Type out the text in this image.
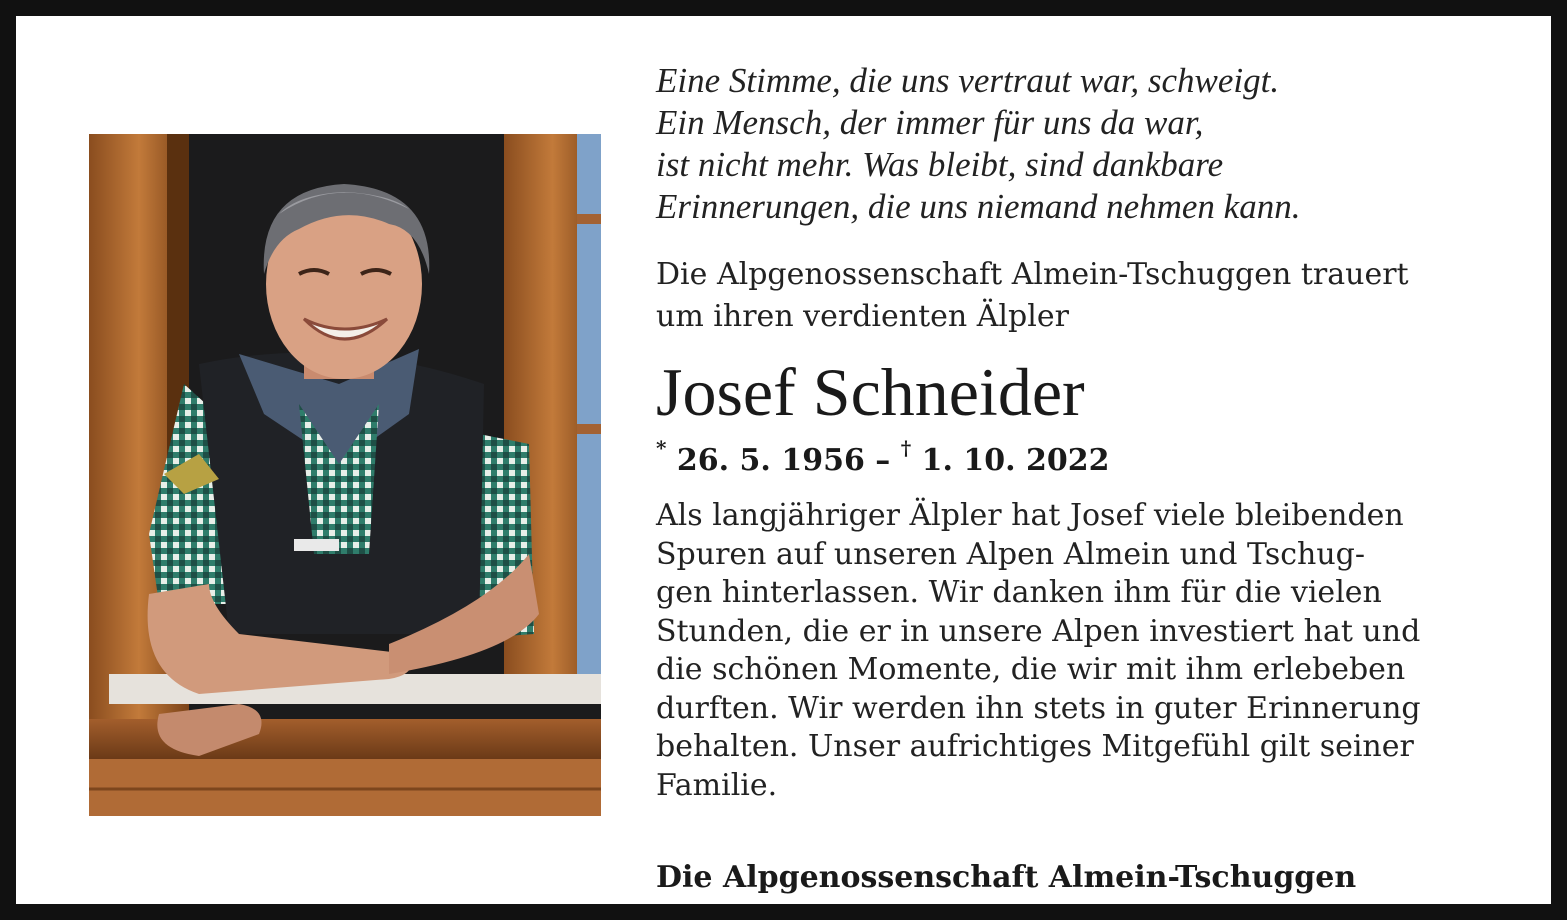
Eine Stimme, die uns vertraut war, schweigt.
Ein Mensch, der immer für uns da war,
ist nicht mehr. Was bleibt, sind dankbare
Erinnerungen, die uns niemand nehmen kann.
Die Alpgenossenschaft Almein-Tschuggen trauert
um ihren verdienten Älpler
Josef Schneider
* 26. 5. 1956 – † 1. 10. 2022
Als langjähriger Älpler hat Josef viele bleibenden
Spuren auf unseren Alpen Almein und Tschug-
gen hinterlassen. Wir danken ihm für die vielen
Stunden, die er in unsere Alpen investiert hat und
die schönen Momente, die wir mit ihm erlebeben
durften. Wir werden ihn stets in guter Erinnerung
behalten. Unser aufrichtiges Mitgefühl gilt seiner
Familie.
Die Alpgenossenschaft Almein-Tschuggen
